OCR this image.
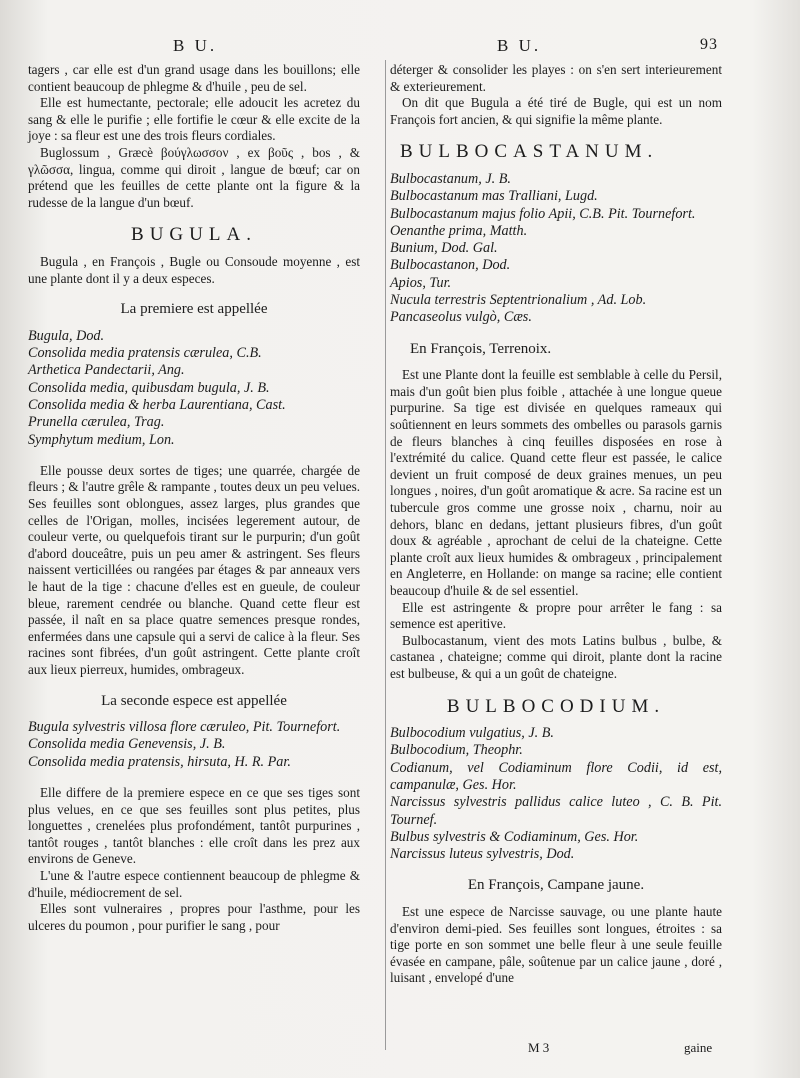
B U.	B U.	93

tagers , car elle est d'un grand usage dans les bouillons; elle contient beaucoup de phlegme & d'huile , peu de sel.

Elle est humectante, pectorale; elle adoucit les acretez du sang & elle le purifie ; elle fortifie le cœur & elle excite de la joye : sa fleur est une des trois fleurs cordiales.

Buglossum , Græcè βούγλωσσον , ex βοῦς , bos , & γλῶσσα, lingua, comme qui diroit , langue de bœuf; car on prétend que les feuilles de cette plante ont la figure & la rudesse de la langue d'un bœuf.

BUGULA.

Bugula , en François , Bugle ou Consoude moyenne , est une plante dont il y a deux especes.

La premiere est appellée

Bugula, Dod.

Consolida media pratensis cærulea, C.B.

Arthetica Pandectarii, Ang.

Consolida media, quibusdam bugula, J. B.

Consolida media & herba Laurentiana, Cast.

Prunella cærulea, Trag.

Symphytum medium, Lon.

Elle pousse deux sortes de tiges; une quarrée, chargée de fleurs ; & l'autre grêle & rampante , toutes deux un peu velues. Ses feuilles sont oblongues, assez larges, plus grandes que celles de l'Origan, molles, incisées legerement autour, de couleur verte, ou quelquefois tirant sur le purpurin; d'un goût d'abord douceâtre, puis un peu amer & astringent. Ses fleurs naissent verticillées ou rangées par étages & par anneaux vers le haut de la tige : chacune d'elles est en gueule, de couleur bleue, rarement cendrée ou blanche. Quand cette fleur est passée, il naît en sa place quatre semences presque rondes, enfermées dans une capsule qui a servi de calice à la fleur. Ses racines sont fibrées, d'un goût astringent. Cette plante croît aux lieux pierreux, humides, ombrageux.

La seconde espece est appellée

Bugula sylvestris villosa flore cæruleo, Pit. Tournefort.

Consolida media Genevensis, J. B.

Consolida media pratensis, hirsuta, H. R. Par.

Elle differe de la premiere espece en ce que ses tiges sont plus velues, en ce que ses feuilles sont plus petites, plus longuettes , crenelées plus profondément, tantôt purpurines , tantôt rouges , tantôt blanches : elle croît dans les prez aux environs de Geneve.

L'une & l'autre espece contiennent beaucoup de phlegme & d'huile, médiocrement de sel.

Elles sont vulneraires , propres pour l'asthme, pour les ulceres du poumon , pour purifier le sang , pour

déterger & consolider les playes : on s'en sert interieurement & exterieurement.

On dit que Bugula a été tiré de Bugle, qui est un nom François fort ancien, & qui signifie la même plante.

BULBOCASTANUM.

Bulbocastanum, J. B.

Bulbocastanum mas Tralliani, Lugd.

Bulbocastanum majus folio Apii, C.B. Pit. Tournefort.

Oenanthe prima, Matth.

Bunium, Dod. Gal.

Bulbocastanon, Dod.

Apios, Tur.

Nucula terrestris Septentrionalium , Ad. Lob.

Pancaseolus vulgò, Cæs.

En François, Terrenoix.

Est une Plante dont la feuille est semblable à celle du Persil, mais d'un goût bien plus foible , attachée à une longue queue purpurine. Sa tige est divisée en quelques rameaux qui soûtiennent en leurs sommets des ombelles ou parasols garnis de fleurs blanches à cinq feuilles disposées en rose à l'extrémité du calice. Quand cette fleur est passée, le calice devient un fruit composé de deux graines menues, un peu longues , noires, d'un goût aromatique & acre. Sa racine est un tubercule gros comme une grosse noix , charnu, noir au dehors, blanc en dedans, jettant plusieurs fibres, d'un goût doux & agréable , aprochant de celui de la chateigne. Cette plante croît aux lieux humides & ombrageux , principalement en Angleterre, en Hollande: on mange sa racine; elle contient beaucoup d'huile & de sel essentiel.

Elle est astringente & propre pour arrêter le fang : sa semence est aperitive.

Bulbocastanum, vient des mots Latins bulbus , bulbe, & castanea , chateigne; comme qui diroit, plante dont la racine est bulbeuse, & qui a un goût de chateigne.

BULBOCODIUM.

Bulbocodium vulgatius, J. B.

Bulbocodium, Theophr.

Codianum, vel Codiaminum flore Codii, id est, campanulæ, Ges. Hor.

Narcissus sylvestris pallidus calice luteo , C. B. Pit. Tournef.

Bulbus sylvestris & Codiaminum, Ges. Hor.

Narcissus luteus sylvestris, Dod.

En François, Campane jaune.

Est une espece de Narcisse sauvage, ou une plante haute d'environ demi-pied. Ses feuilles sont longues, étroites : sa tige porte en son sommet une belle fleur à une seule feuille évasée en campane, pâle, soûtenue par un calice jaune , doré , luisant , envelopé d'une

M 3	gaine
